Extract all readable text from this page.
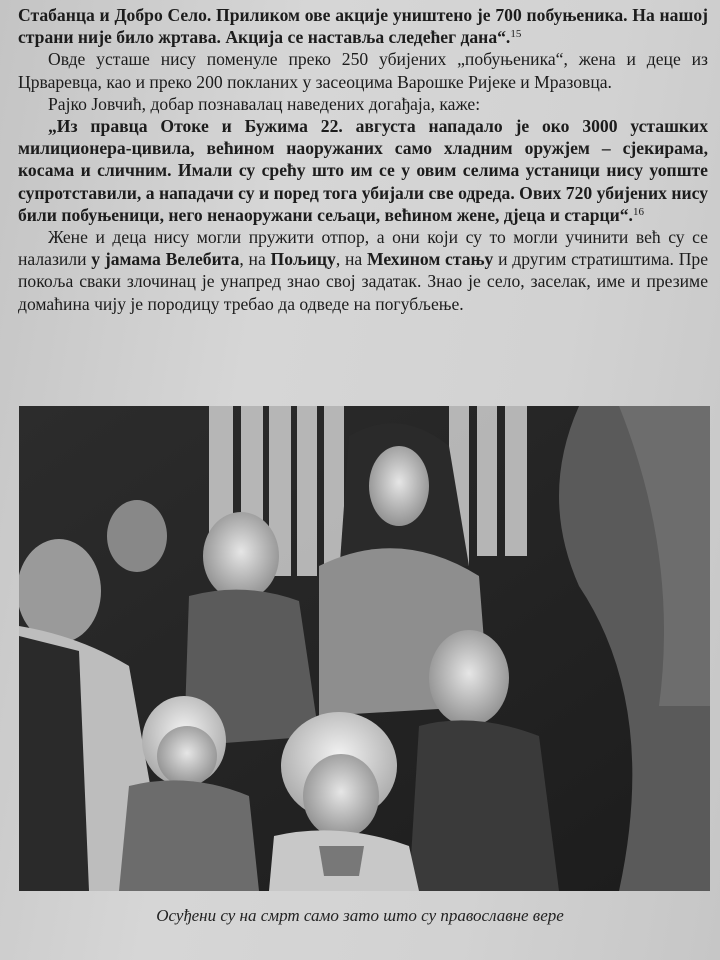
Стабанца и Добро Село. Приликом ове акције уништено је 700 побуњеника. На нашој страни није било жртава. Акција се наставља следећег дана“.$^{15}$

Овде усташе нису поменуле преко 250 убијених „побуњеника“, жена и деце из Црваревца, као и преко 200 покланих у засеоцима Варошке Ријеке и Мразовца.

Рајко Јовчић, добар познавалац наведених догађаја, каже:

„Из правца Отоке и Бужима 22. августа нападало је око 3000 усташких милиционера-цивила, већином наоружаних само хладним оружјем – сјекирама, косама и сличним. Имали су срећу што им се у овим селима устаници нису уопште супротставили, а нападачи су и поред тога убијали све одреда. Ових 720 убијених нису били побуњеници, него ненаоружани сељаци, већином жене, дјеца и старци“.$^{16}$

Жене и деца нису могли пружити отпор, а они који су то могли учинити већ су се налазили у јамама Велебита, на Пољицу, на Мехином стању и другим стратиштима. Пре покоља сваки злочинац је унапред знао свој задатак. Знао је село, заселак, име и презиме домаћина чију је породицу требао да одведе на погубљење.

Осуђени су на смрт само зато што су православне вере
